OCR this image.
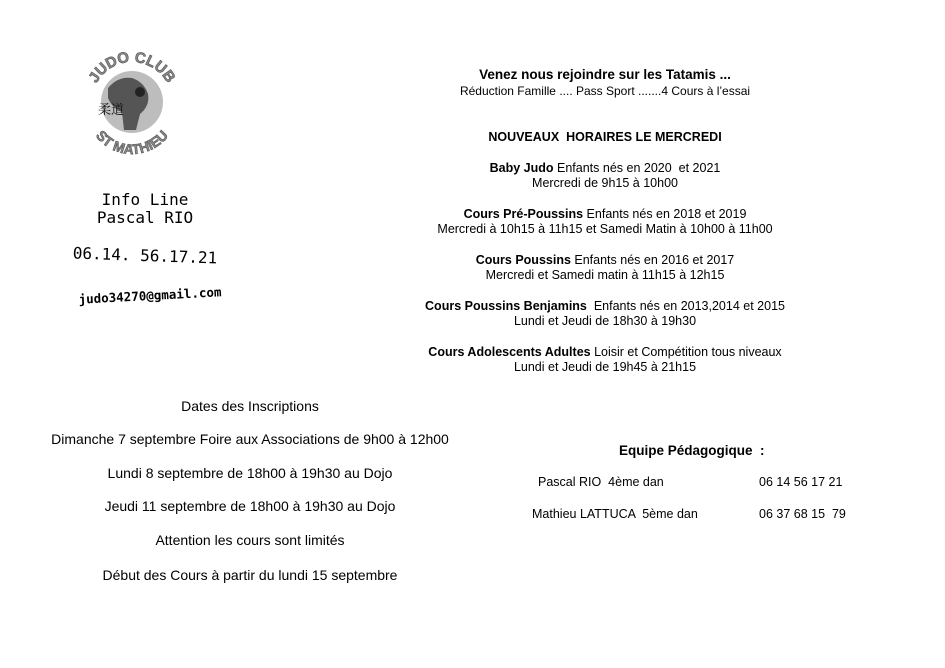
柔道
JUDO CLUB
ST MATHIEU
Info Line
Pascal RIO
06.14. 56.17.21
judo34270@gmail.com
Venez nous rejoindre sur les Tatamis ...
Réduction Famille .... Pass Sport .......4 Cours à l’essai
NOUVEAUX  HORAIRES LE MERCREDI
Baby Judo Enfants nés en 2020  et 2021
Mercredi de 9h15 à 10h00
Cours Pré-Poussins Enfants nés en 2018 et 2019
Mercredi à 10h15 à 11h15 et Samedi Matin à 10h00 à 11h00
Cours Poussins Enfants nés en 2016 et 2017
Mercredi et Samedi matin à 11h15 à 12h15
Cours Poussins Benjamins  Enfants nés en 2013,2014 et 2015
Lundi et Jeudi de 18h30 à 19h30
Cours Adolescents Adultes Loisir et Compétition tous niveaux
Lundi et Jeudi de 19h45 à 21h15
Dates des Inscriptions
Dimanche 7 septembre Foire aux Associations de 9h00 à 12h00
Lundi 8 septembre de 18h00 à 19h30 au Dojo
Jeudi 11 septembre de 18h00 à 19h30 au Dojo
Attention les cours sont limités
Début des Cours à partir du lundi 15 septembre
Equipe Pédagogique  :
Pascal RIO  4ème dan	06 14 56 17 21
Mathieu LATTUCA  5ème dan	06 37 68 15  79
